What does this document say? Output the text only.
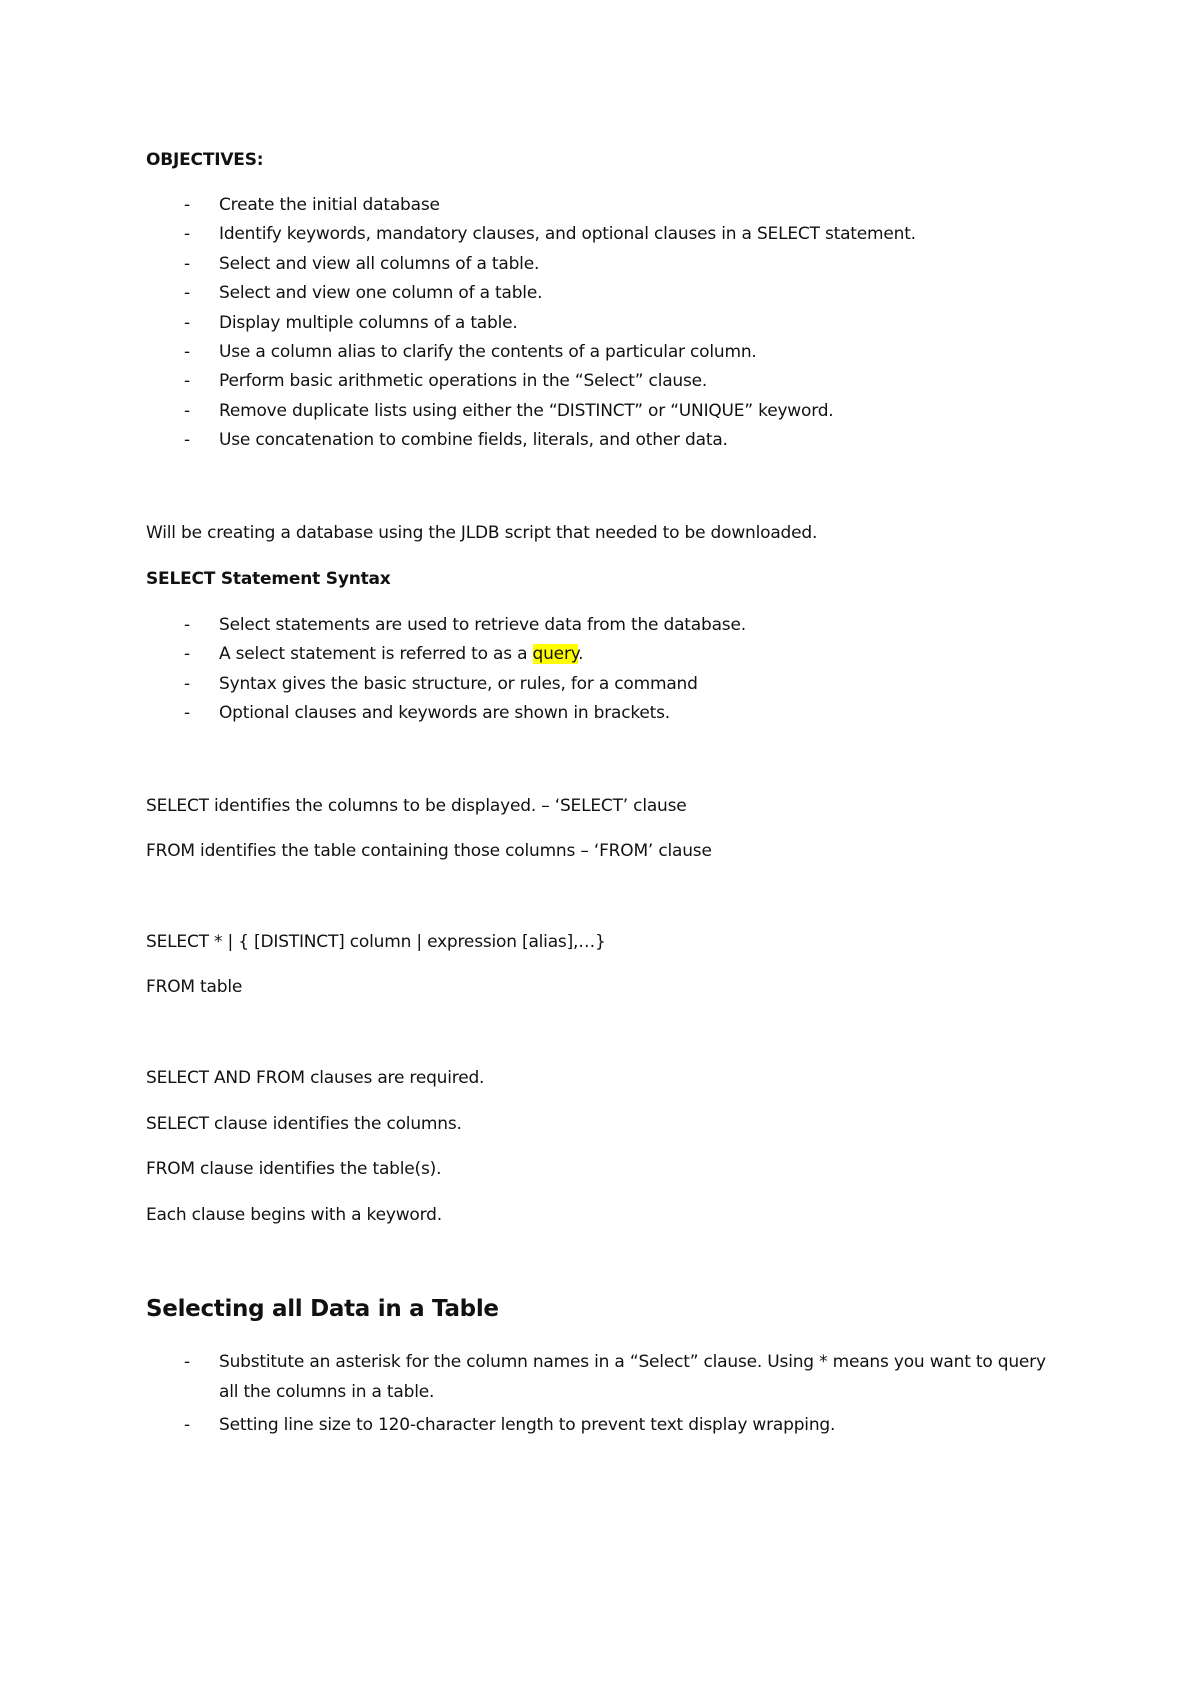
OBJECTIVES:
- Create the initial database
- Identify keywords, mandatory clauses, and optional clauses in a SELECT statement.
- Select and view all columns of a table.
- Select and view one column of a table.
- Display multiple columns of a table.
- Use a column alias to clarify the contents of a particular column.
- Perform basic arithmetic operations in the “Select” clause.
- Remove duplicate lists using either the “DISTINCT” or “UNIQUE” keyword.
- Use concatenation to combine fields, literals, and other data.
Will be creating a database using the JLDB script that needed to be downloaded.
SELECT Statement Syntax
- Select statements are used to retrieve data from the database.
- A select statement is referred to as a query.
- Syntax gives the basic structure, or rules, for a command
- Optional clauses and keywords are shown in brackets.
SELECT identifies the columns to be displayed. – ‘SELECT’ clause
FROM identifies the table containing those columns – ‘FROM’ clause
SELECT * | { [DISTINCT] column | expression [alias],…}
FROM table
SELECT AND FROM clauses are required.
SELECT clause identifies the columns.
FROM clause identifies the table(s).
Each clause begins with a keyword.
Selecting all Data in a Table
- Substitute an asterisk for the column names in a “Select” clause. Using * means you want to query all the columns in a table.
- Setting line size to 120-character length to prevent text display wrapping.
